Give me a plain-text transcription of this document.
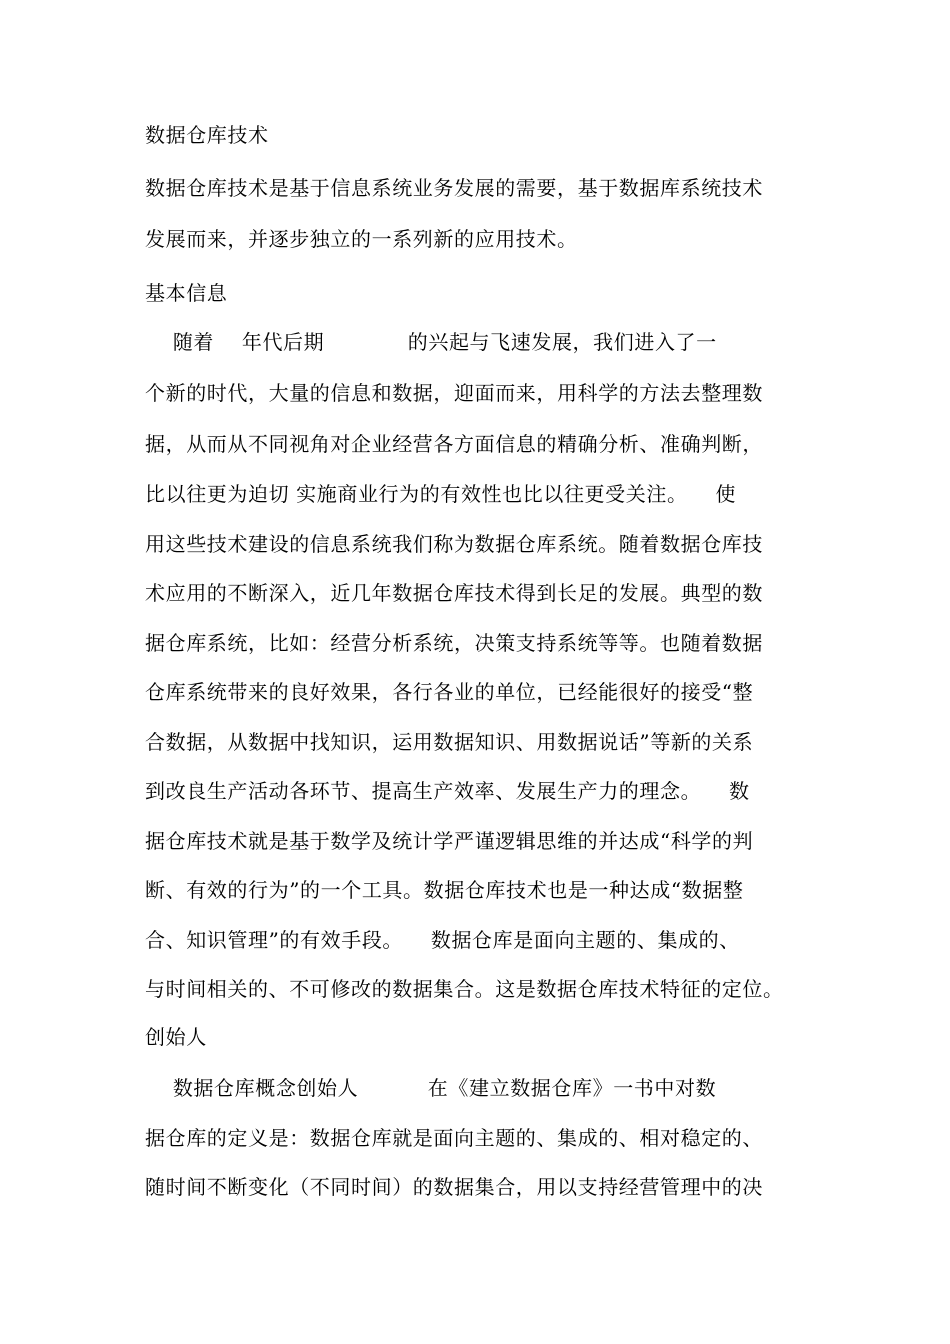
数据仓库技术
数据仓库技术是基于信息系统业务发展的需要，基于数据库系统技术
发展而来，并逐步独立的一系列新的应用技术。
基本信息
随着    年代后期            的兴起与飞速发展，我们进入了一
个新的时代，大量的信息和数据，迎面而来，用科学的方法去整理数
据，从而从不同视角对企业经营各方面信息的精确分析、准确判断，
比以往更为迫切 实施商业行为的有效性也比以往更受关注。    使
用这些技术建设的信息系统我们称为数据仓库系统。随着数据仓库技
术应用的不断深入，近几年数据仓库技术得到长足的发展。典型的数
据仓库系统，比如：经营分析系统，决策支持系统等等。也随着数据
仓库系统带来的良好效果，各行各业的单位，已经能很好的接受“整
合数据，从数据中找知识，运用数据知识、用数据说话”等新的关系
到改良生产活动各环节、提高生产效率、发展生产力的理念。    数
据仓库技术就是基于数学及统计学严谨逻辑思维的并达成“科学的判
断、有效的行为”的一个工具。数据仓库技术也是一种达成“数据整
合、知识管理”的有效手段。    数据仓库是面向主题的、集成的、
与时间相关的、不可修改的数据集合。这是数据仓库技术特征的定位。
创始人
数据仓库概念创始人          在《建立数据仓库》一书中对数
据仓库的定义是：数据仓库就是面向主题的、集成的、相对稳定的、
随时间不断变化（不同时间）的数据集合，用以支持经营管理中的决
